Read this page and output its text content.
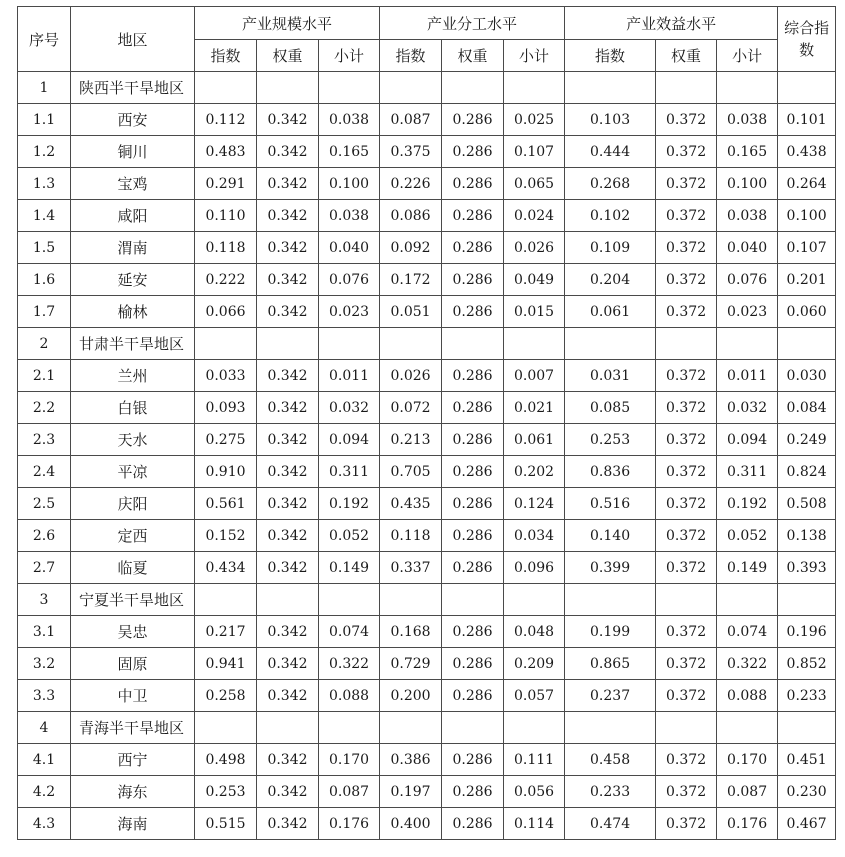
序号	地区	产业规模水平			产业分工水平			产业效益水平			综合指数
		指数	权重	小计	指数	权重	小计	指数	权重	小计	
1	陕西半干旱地区										
1.1	西安	0.112	0.342	0.038	0.087	0.286	0.025	0.103	0.372	0.038	0.101
1.2	铜川	0.483	0.342	0.165	0.375	0.286	0.107	0.444	0.372	0.165	0.438
1.3	宝鸡	0.291	0.342	0.100	0.226	0.286	0.065	0.268	0.372	0.100	0.264
1.4	咸阳	0.110	0.342	0.038	0.086	0.286	0.024	0.102	0.372	0.038	0.100
1.5	渭南	0.118	0.342	0.040	0.092	0.286	0.026	0.109	0.372	0.040	0.107
1.6	延安	0.222	0.342	0.076	0.172	0.286	0.049	0.204	0.372	0.076	0.201
1.7	榆林	0.066	0.342	0.023	0.051	0.286	0.015	0.061	0.372	0.023	0.060
2	甘肃半干旱地区										
2.1	兰州	0.033	0.342	0.011	0.026	0.286	0.007	0.031	0.372	0.011	0.030
2.2	白银	0.093	0.342	0.032	0.072	0.286	0.021	0.085	0.372	0.032	0.084
2.3	天水	0.275	0.342	0.094	0.213	0.286	0.061	0.253	0.372	0.094	0.249
2.4	平凉	0.910	0.342	0.311	0.705	0.286	0.202	0.836	0.372	0.311	0.824
2.5	庆阳	0.561	0.342	0.192	0.435	0.286	0.124	0.516	0.372	0.192	0.508
2.6	定西	0.152	0.342	0.052	0.118	0.286	0.034	0.140	0.372	0.052	0.138
2.7	临夏	0.434	0.342	0.149	0.337	0.286	0.096	0.399	0.372	0.149	0.393
3	宁夏半干旱地区										
3.1	吴忠	0.217	0.342	0.074	0.168	0.286	0.048	0.199	0.372	0.074	0.196
3.2	固原	0.941	0.342	0.322	0.729	0.286	0.209	0.865	0.372	0.322	0.852
3.3	中卫	0.258	0.342	0.088	0.200	0.286	0.057	0.237	0.372	0.088	0.233
4	青海半干旱地区										
4.1	西宁	0.498	0.342	0.170	0.386	0.286	0.111	0.458	0.372	0.170	0.451
4.2	海东	0.253	0.342	0.087	0.197	0.286	0.056	0.233	0.372	0.087	0.230
4.3	海南	0.515	0.342	0.176	0.400	0.286	0.114	0.474	0.372	0.176	0.467
